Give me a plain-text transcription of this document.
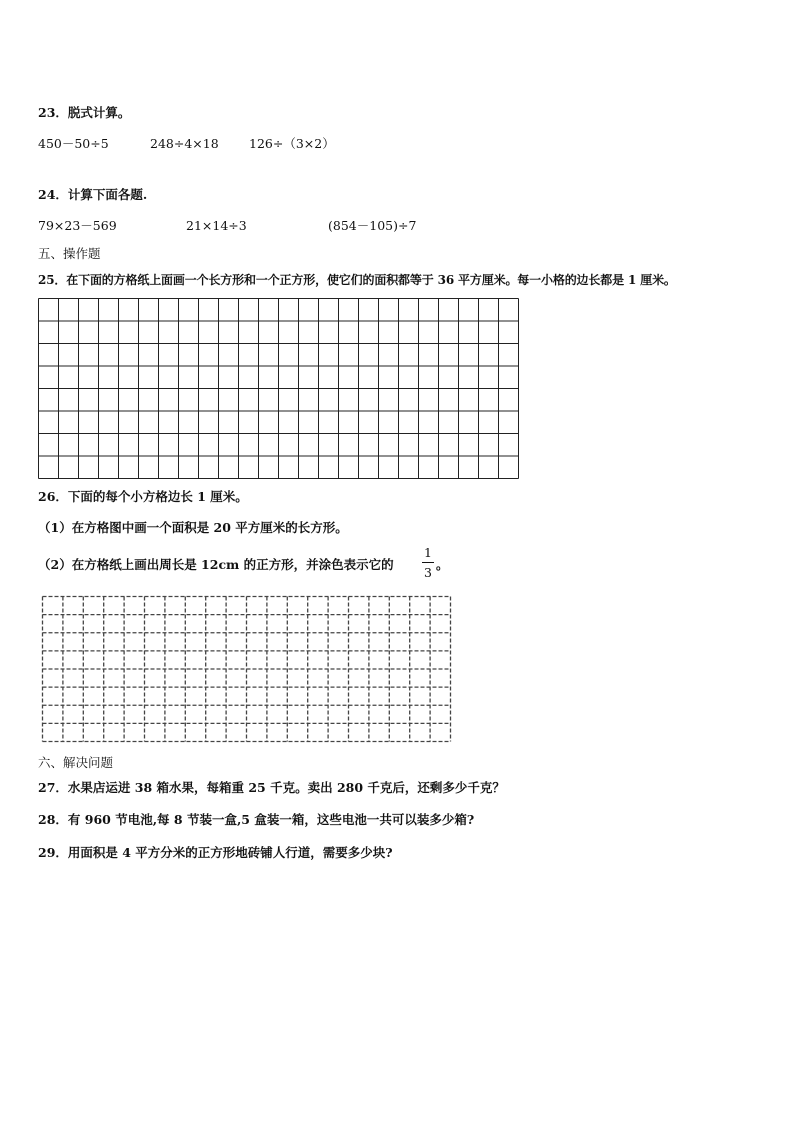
23．脱式计算。
450－50÷5	248÷4×18 126÷（3×2）
24．计算下面各题.
79×23－569	21×14÷3	(854－105)÷7
五、操作题
25．在下面的方格纸上面画一个长方形和一个正方形，使它们的面积都等于 36 平方厘米。每一小格的边长都是 1 厘米。
26．下面的每个小方格边长 1 厘米。
（1）在方格图中画一个面积是 20 平方厘米的长方形。
（2）在方格纸上画出周长是 12cm 的正方形，并涂色表示它的
1
3
。
六、解决问题
27．水果店运进 38 箱水果，每箱重 25 千克。卖出 280 千克后，还剩多少千克？
28．有 960 节电池,每 8 节装一盒,5 盒装一箱，这些电池一共可以装多少箱?
29．用面积是 4 平方分米的正方形地砖铺人行道，需要多少块?
